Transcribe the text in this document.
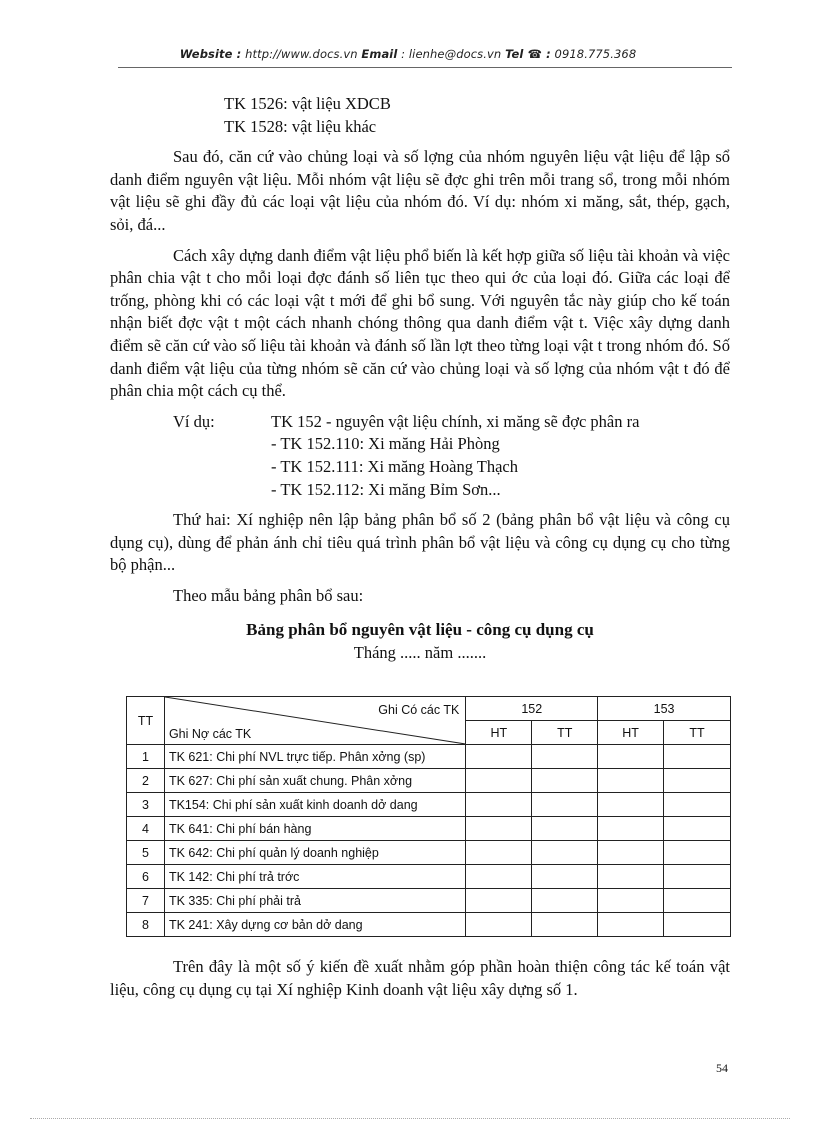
Website : http://www.docs.vn Email : lienhe@docs.vn Tel ☎ : 0918.775.368

TK 1526: vật liệu XDCB

TK 1528: vật liệu khác

Sau đó, căn cứ vào chủng loại và số lợng của nhóm nguyên liệu vật liệu để lập sổ danh điểm nguyên vật liệu. Mỗi nhóm vật liệu sẽ đợc ghi trên mỗi trang sổ, trong mỗi nhóm vật liệu sẽ ghi đầy đủ các loại vật liệu của nhóm đó. Ví dụ: nhóm xi măng, sắt, thép, gạch, sỏi, đá...

Cách xây dựng danh điểm vật liệu phổ biến là kết hợp giữa số liệu tài khoản và việc phân chia vật t cho mỗi loại đợc đánh số liên tục theo qui ớc của loại đó. Giữa các loại để trống, phòng khi có các loại vật t mới để ghi bổ sung. Với nguyên tắc này giúp cho kế toán nhận biết đợc vật t một cách nhanh chóng thông qua danh điểm vật t. Việc xây dựng danh điểm sẽ căn cứ vào số liệu tài khoản và đánh số lần lợt theo từng loại vật t trong nhóm đó. Số danh điểm vật liệu của từng nhóm sẽ căn cứ vào chủng loại và số lợng của nhóm vật t đó để phân chia một cách cụ thể.

Ví dụ:	TK 152 - nguyên vật liệu chính, xi măng sẽ đợc phân ra

- TK 152.110: Xi măng Hải Phòng

- TK 152.111: Xi măng Hoàng Thạch

- TK 152.112: Xi măng Bỉm Sơn...

Thứ hai: Xí nghiệp nên lập bảng phân bổ số 2 (bảng phân bổ vật liệu và công cụ dụng cụ), dùng để phản ánh chỉ tiêu quá trình phân bổ vật liệu và công cụ dụng cụ cho từng bộ phận...

Theo mẫu bảng phân bổ sau:

Bảng phân bổ nguyên vật liệu - công cụ dụng cụ
Tháng ..... năm .......
TT	Ghi Có các TK
Ghi Nợ các TK	152		153	
		HT	TT	HT	TT
1	TK 621: Chi phí NVL trực tiếp. Phân xởng (sp)				
2	TK 627: Chi phí sản xuất chung. Phân xởng				
3	TK154: Chi phí sản xuất kinh doanh dở dang				
4	TK 641: Chi phí bán hàng				
5	TK 642: Chi phí quản lý doanh nghiệp				
6	TK 142: Chi phí trả trớc				
7	TK 335: Chi phí phải trả				
8	TK 241: Xây dựng cơ bản dở dang				

Trên đây là một số ý kiến đề xuất nhằm góp phần hoàn thiện công tác kế toán vật liệu, công cụ dụng cụ tại Xí nghiệp Kinh doanh vật liệu xây dựng số 1.

54
